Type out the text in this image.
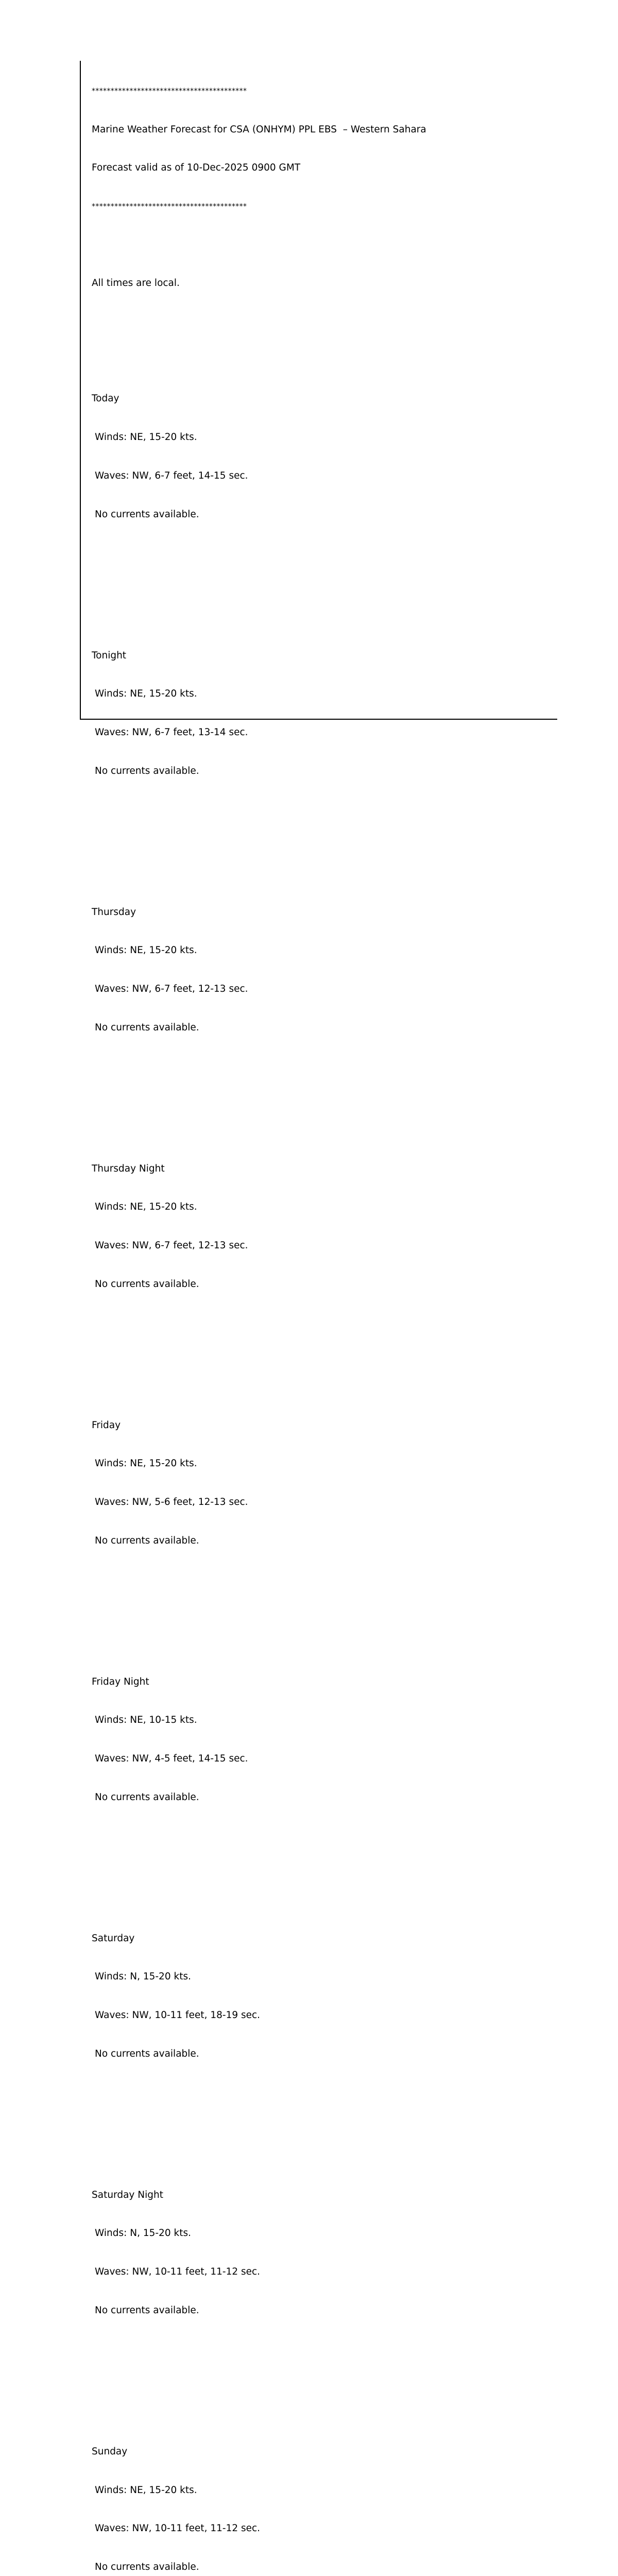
*****************************************

Marine Weather Forecast for CSA (ONHYM) PPL EBS  – Western Sahara

Forecast valid as of 10-Dec-2025 0900 GMT

*****************************************

All times are local.

Today

Winds: NE, 15-20 kts.

Waves: NW, 6-7 feet, 14-15 sec.

No currents available.

Tonight

Winds: NE, 15-20 kts.

Waves: NW, 6-7 feet, 13-14 sec.

No currents available.

Thursday

Winds: NE, 15-20 kts.

Waves: NW, 6-7 feet, 12-13 sec.

No currents available.

Thursday Night

Winds: NE, 15-20 kts.

Waves: NW, 6-7 feet, 12-13 sec.

No currents available.

Friday

Winds: NE, 15-20 kts.

Waves: NW, 5-6 feet, 12-13 sec.

No currents available.

Friday Night

Winds: NE, 10-15 kts.

Waves: NW, 4-5 feet, 14-15 sec.

No currents available.

Saturday

Winds: N, 15-20 kts.

Waves: NW, 10-11 feet, 18-19 sec.

No currents available.

Saturday Night

Winds: N, 15-20 kts.

Waves: NW, 10-11 feet, 11-12 sec.

No currents available.

Sunday

Winds: NE, 15-20 kts.

Waves: NW, 10-11 feet, 11-12 sec.

No currents available.
